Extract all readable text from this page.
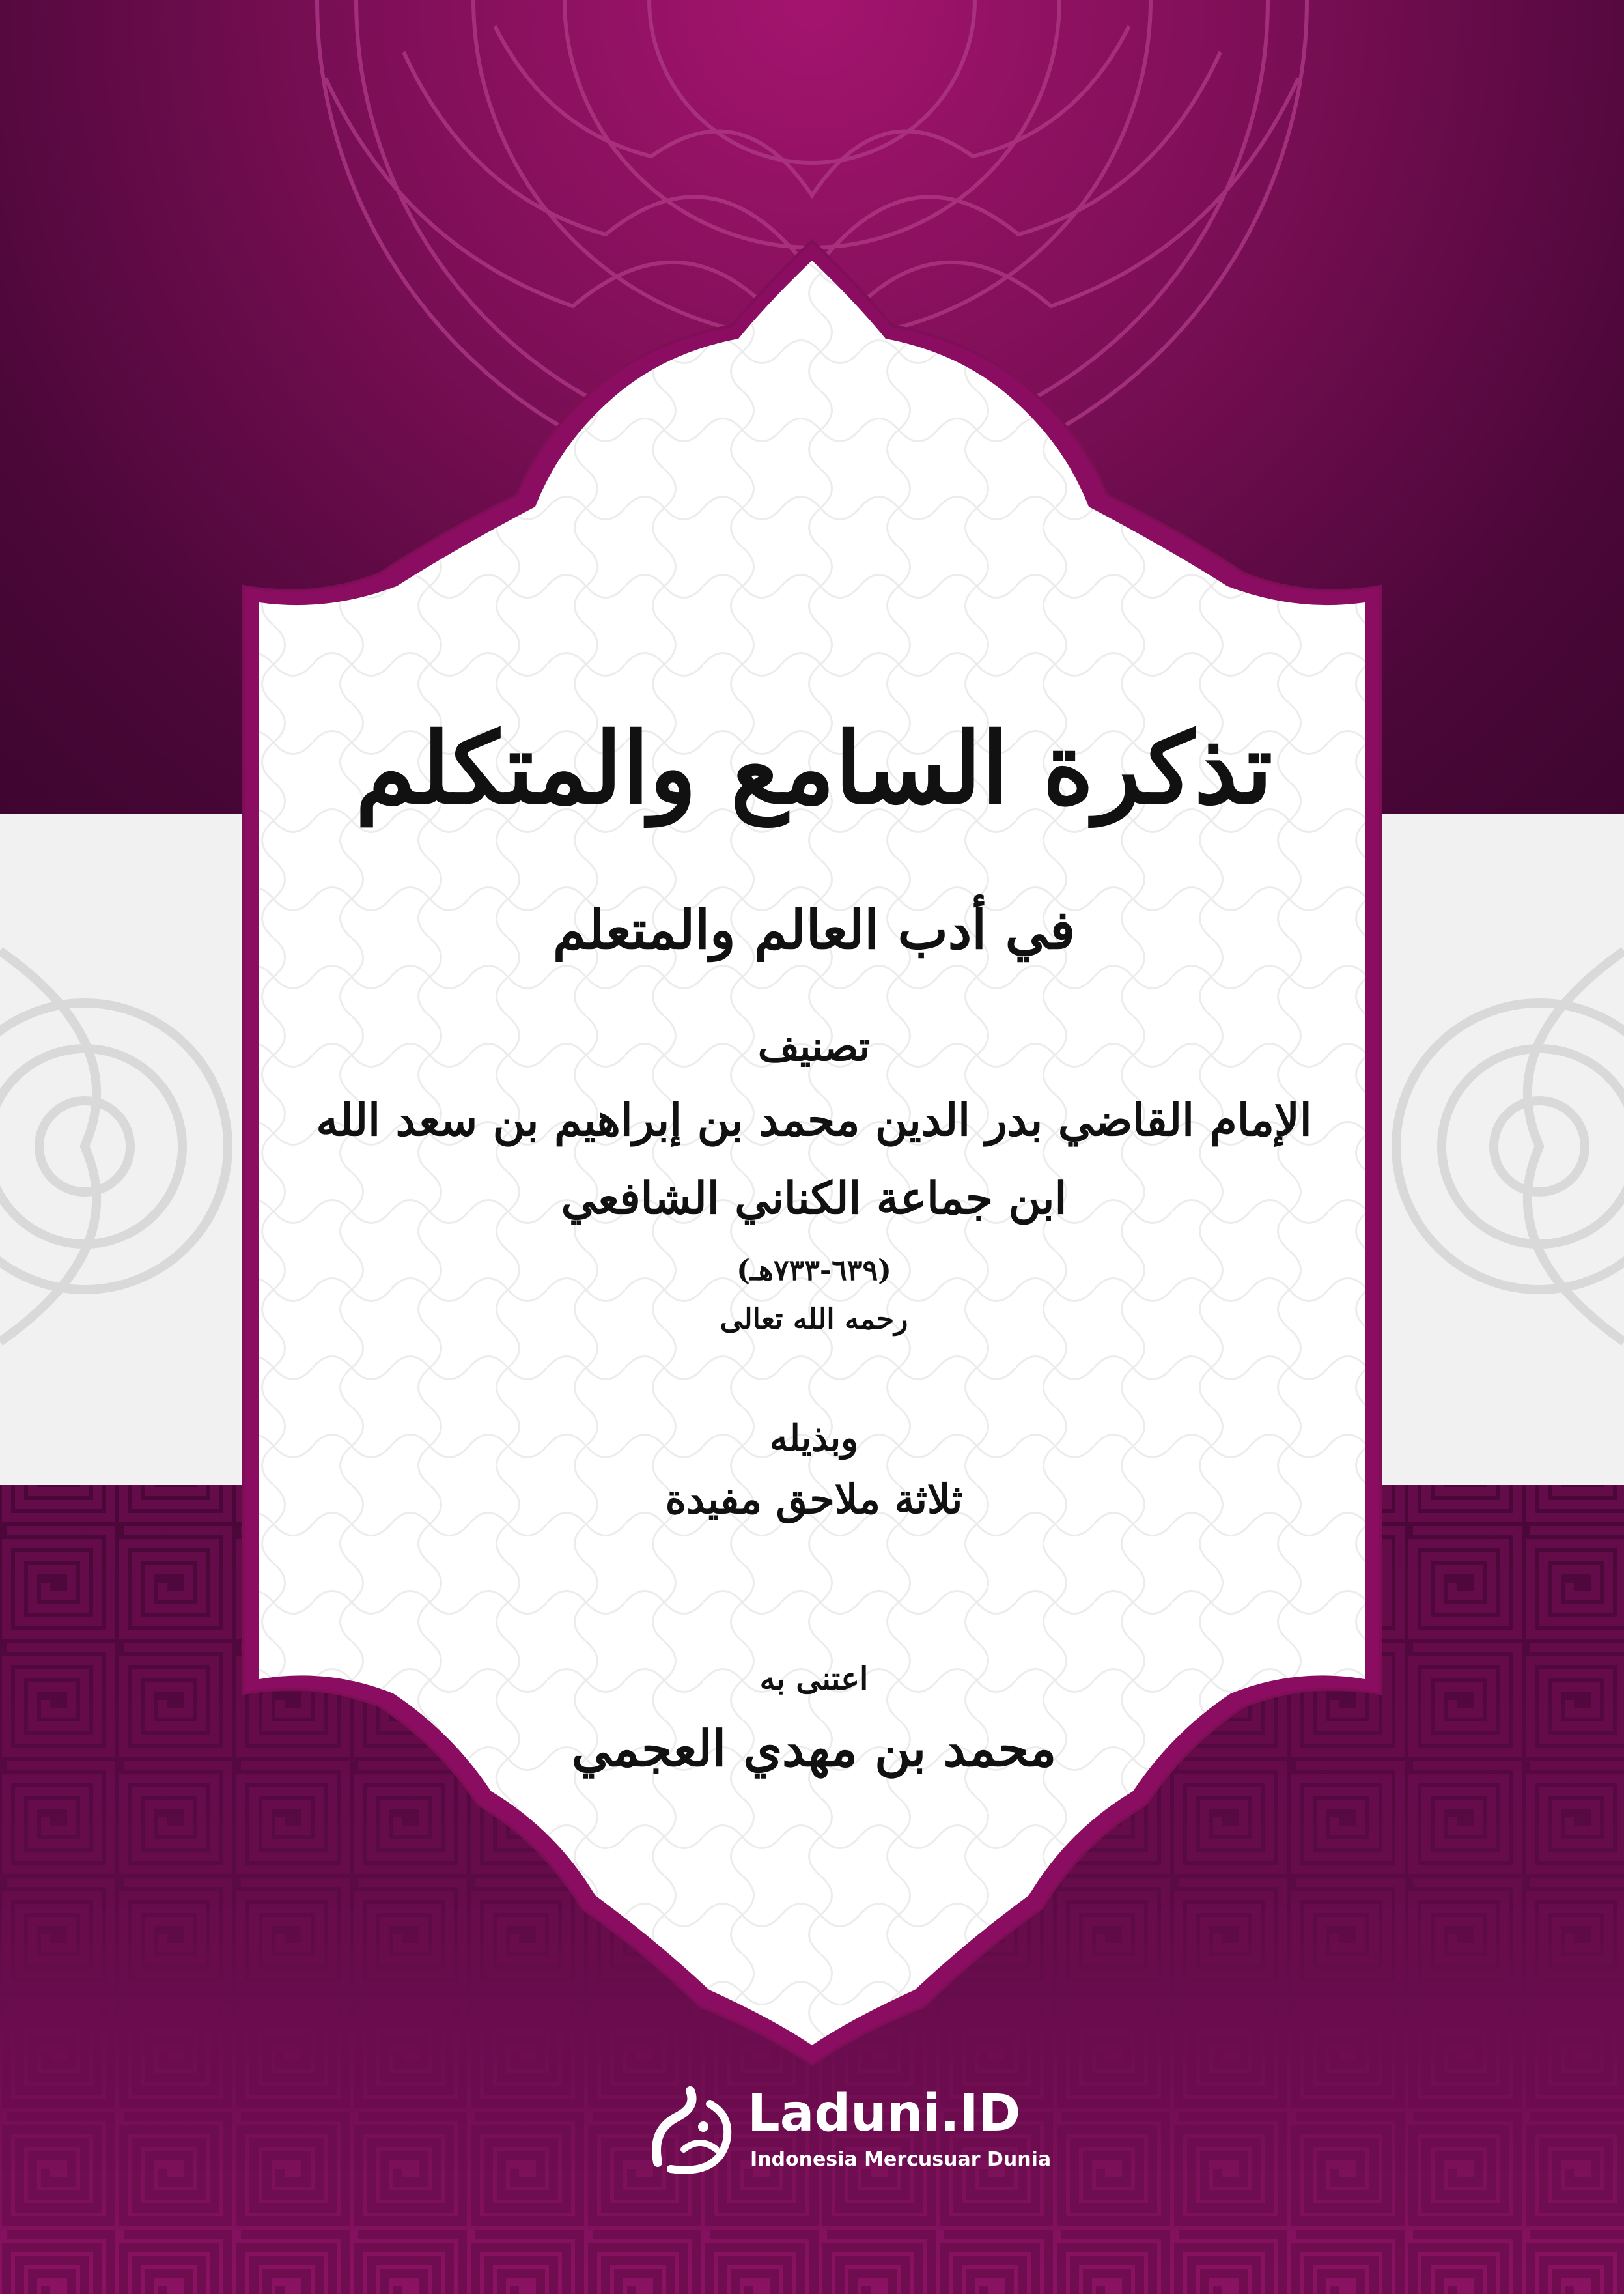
تذكرة السامع والمتكلم
في أدب العالم والمتعلم
تصنيف
الإمام القاضي بدر الدين محمد بن إبراهيم بن سعد الله
ابن جماعة الكناني الشافعي
(٦٣٩-٧٣٣هـ)
رحمه الله تعالى
وبذيله
ثلاثة ملاحق مفيدة
اعتنى به
محمد بن مهدي العجمي
Laduni.ID
Indonesia Mercusuar Dunia
